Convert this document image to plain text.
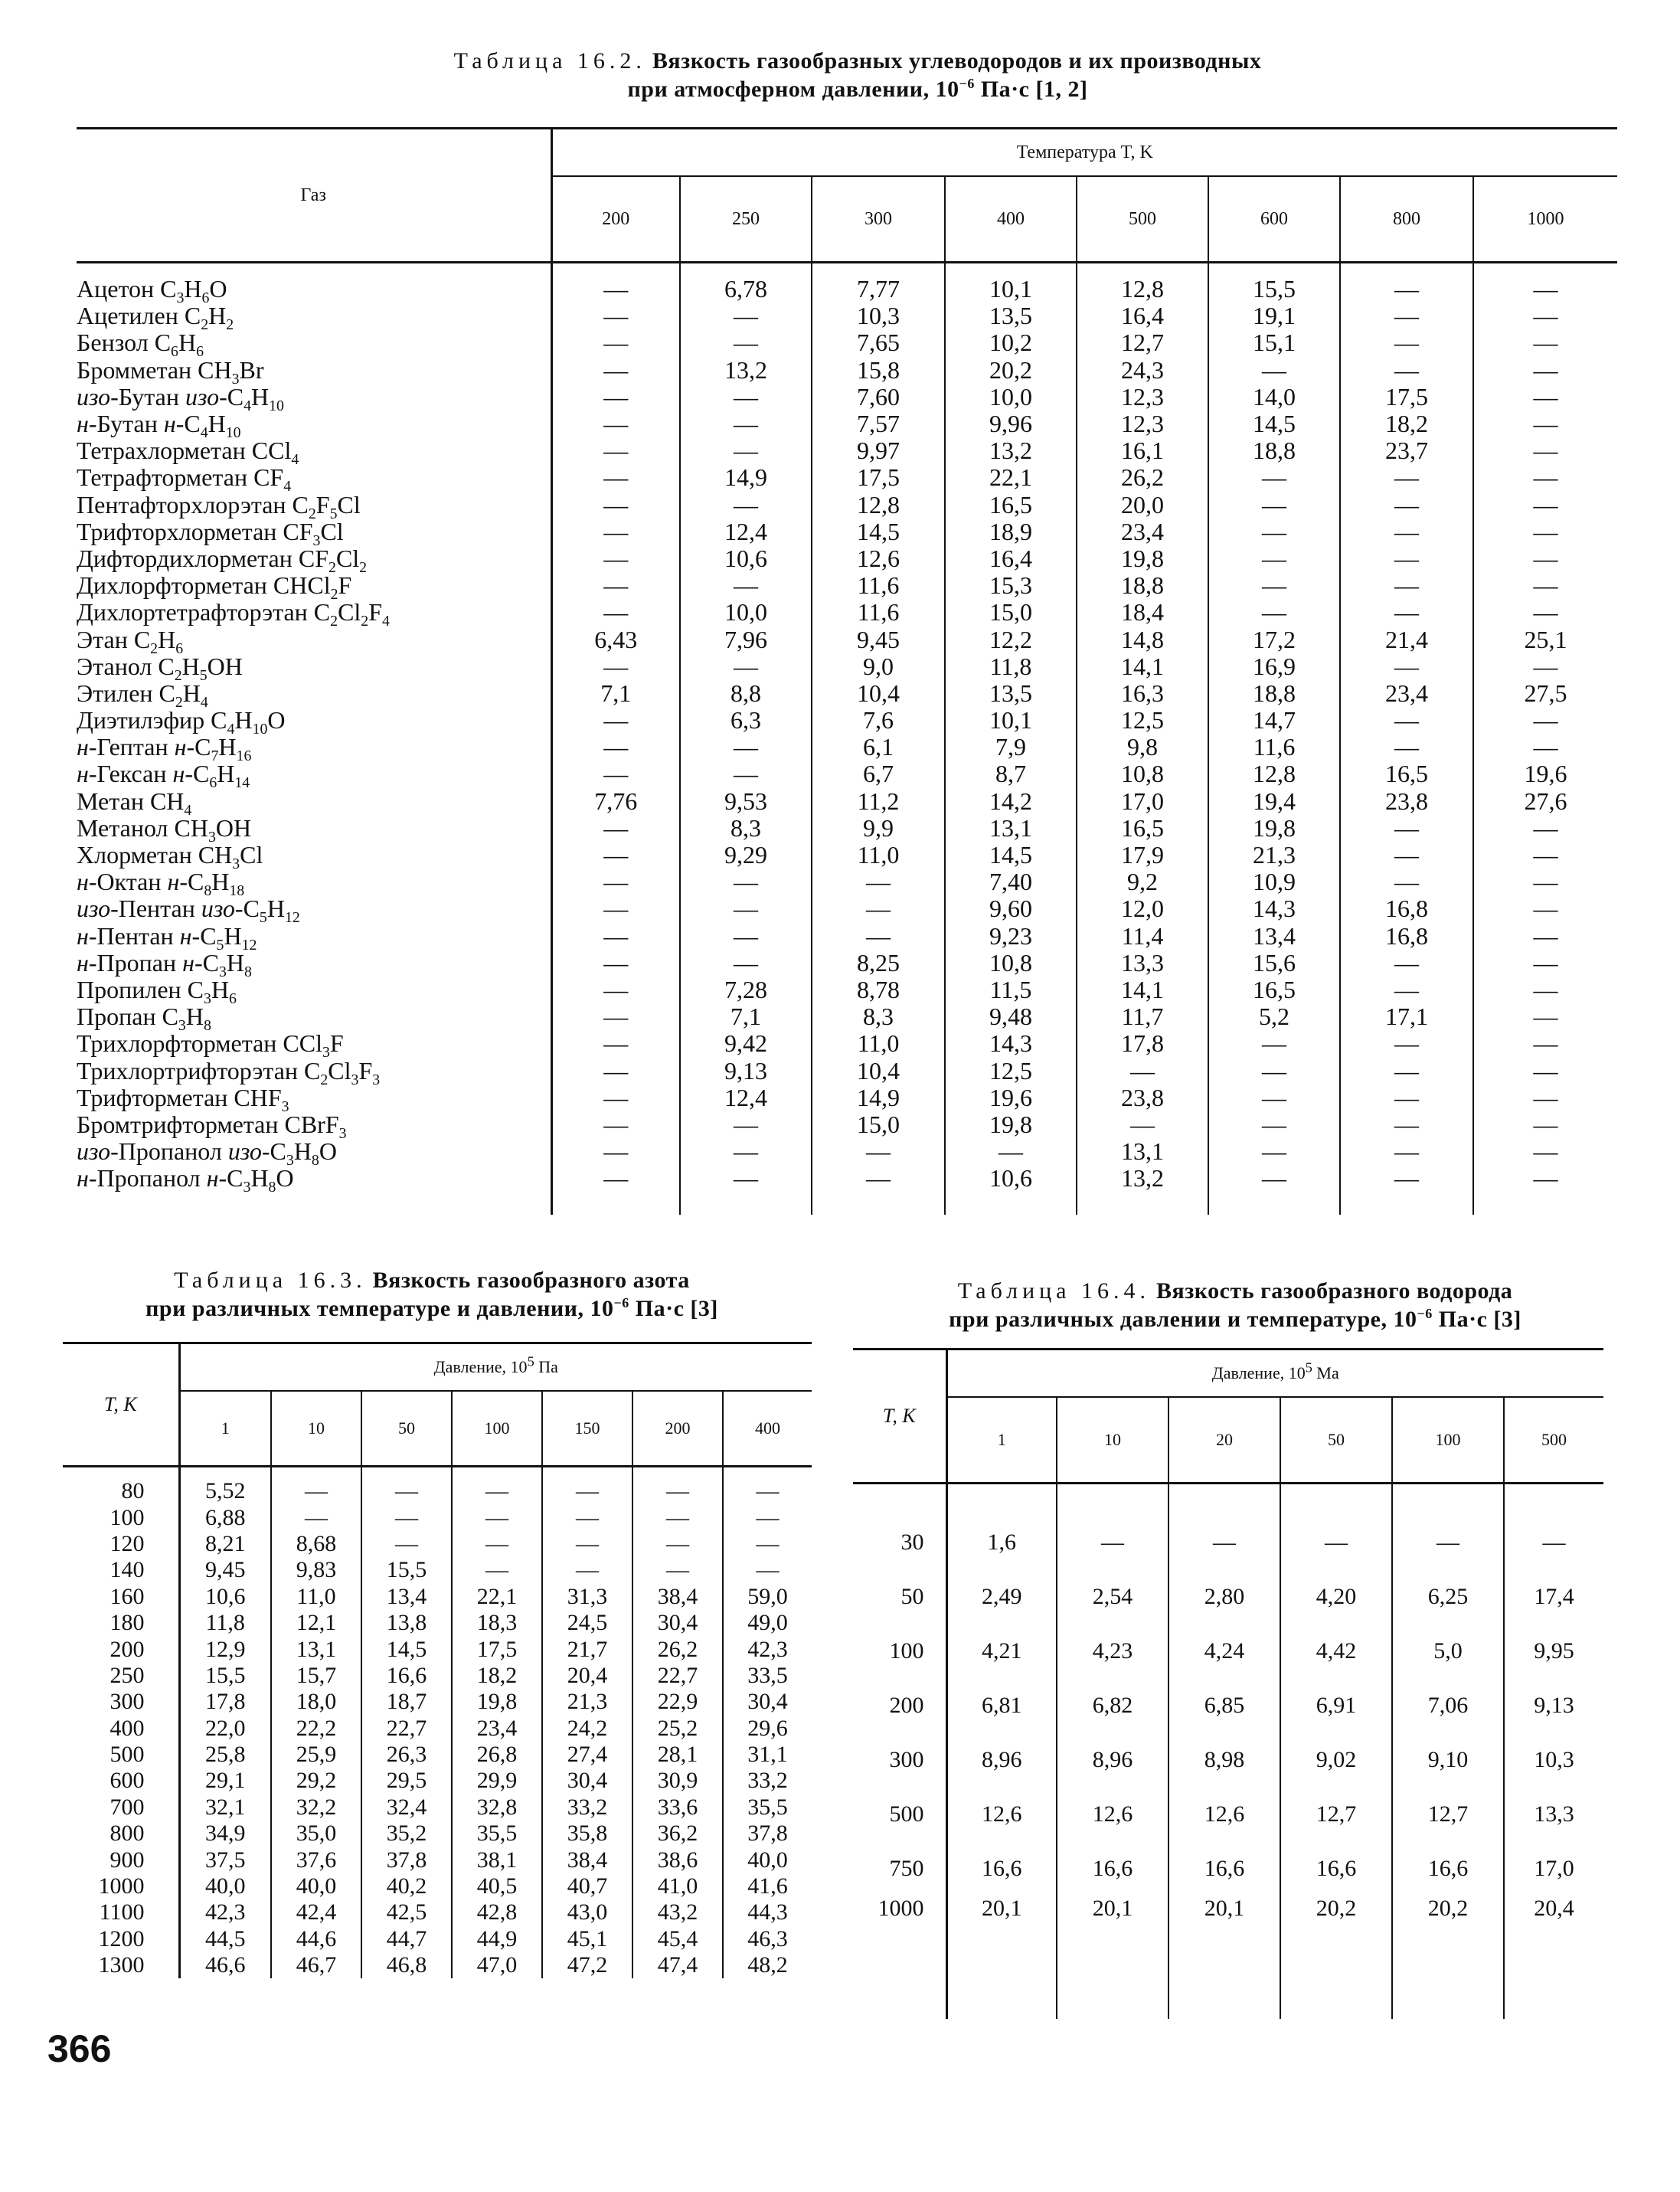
Таблица 16.2. Вязкость газообразных углеводородов и их производных
при атмосферном давлении, $10^{-6}$ Па·с [1, 2]
Газ	Температура T, K							
	200	250	300	400	500	600	800	1000
Ацетон $C_3H_6O$	—	6,78	7,77	10,1	12,8	15,5	—	—
Ацетилен $C_2H_2$	—	—	10,3	13,5	16,4	19,1	—	—
Бензол $C_6H_6$	—	—	7,65	10,2	12,7	15,1	—	—
Бромметан $CH_3Br$	—	13,2	15,8	20,2	24,3	—	—	—
изо-Бутан изо-$C_4H_{10}$	—	—	7,60	10,0	12,3	14,0	17,5	—
н-Бутан $н-C_4H_{10}$	—	—	7,57	9,96	12,3	14,5	18,2	—
Тетрахлорметан CCl$_4$	—	—	9,97	13,2	16,1	18,8	23,7	—
Тетрафторметан $CF_4$	—	14,9	17,5	22,1	26,2	—	—	—
Пентафторхлорэтан $C_2F_5Cl$	—	—	12,8	16,5	20,0	—	—	—
Трифторхлорметан $CF_3Cl$	—	12,4	14,5	18,9	23,4	—	—	—
Дифтордихлорметан $CF_2Cl_2$	—	10,6	12,6	16,4	19,8	—	—	—
Дихлорфторметан CHCl$_2$F	—	—	11,6	15,3	18,8	—	—	—
Дихлортетрафторэтан $C_2Cl_2F_4$	—	10,0	11,6	15,0	18,4	—	—	—
Этан $C_2H_6$	6,43	7,96	9,45	12,2	14,8	17,2	21,4	25,1
Этанол $C_2H_5OH$	—	—	9,0	11,8	14,1	16,9	—	—
Этилен $C_2H_4$	7,1	8,8	10,4	13,5	16,3	18,8	23,4	27,5
Диэтилэфир $C_4H_{10}O$	—	6,3	7,6	10,1	12,5	14,7	—	—
н-Гептан $н-C_7H_{16}$	—	—	6,1	7,9	9,8	11,6	—	—
н-Гексан $н-C_6H_{14}$	—	—	6,7	8,7	10,8	12,8	16,5	19,6
Метан $CH_4$	7,76	9,53	11,2	14,2	17,0	19,4	23,8	27,6
Метанол $CH_3OH$	—	8,3	9,9	13,1	16,5	19,8	—	—
Хлорметан $CH_3Cl$	—	9,29	11,0	14,5	17,9	21,3	—	—
н-Октан $н-C_8H_{18}$	—	—	—	7,40	9,2	10,9	—	—
изо-Пентан изо-$C_5H_{12}$	—	—	—	9,60	12,0	14,3	16,8	—
н-Пентан $н-C_5H_{12}$	—	—	—	9,23	11,4	13,4	16,8	—
н-Пропан $н-C_3H_8$	—	—	8,25	10,8	13,3	15,6	—	—
Пропилен $C_3H_6$	—	7,28	8,78	11,5	14,1	16,5	—	—
Пропан $C_3H_8$	—	7,1	8,3	9,48	11,7	5,2	17,1	—
Трихлорфторметан CCl$_3$F	—	9,42	11,0	14,3	17,8	—	—	—
Трихлортрифторэтан $C_2Cl_3F_3$	—	9,13	10,4	12,5	—	—	—	—
Трифторметан $CHF_3$	—	12,4	14,9	19,6	23,8	—	—	—
Бромтрифторметан CBrF$_3$	—	—	15,0	19,8	—	—	—	—
изо-Пропанол изо-$C_3H_8O$	—	—	—	—	13,1	—	—	—
н-Пропанол $н-C_3H_8O$	—	—	—	10,6	13,2	—	—	—
Таблица 16.3. Вязкость газообразного азота
при различных температуре и давлении, $10^{-6}$ Па·с [3]
T, K	Давление, $10^5$ Па						
	1	10	50	100	150	200	400
80	5,52	—	—	—	—	—	—
100	6,88	—	—	—	—	—	—
120	8,21	8,68	—	—	—	—	—
140	9,45	9,83	15,5	—	—	—	—
160	10,6	11,0	13,4	22,1	31,3	38,4	59,0
180	11,8	12,1	13,8	18,3	24,5	30,4	49,0
200	12,9	13,1	14,5	17,5	21,7	26,2	42,3
250	15,5	15,7	16,6	18,2	20,4	22,7	33,5
300	17,8	18,0	18,7	19,8	21,3	22,9	30,4
400	22,0	22,2	22,7	23,4	24,2	25,2	29,6
500	25,8	25,9	26,3	26,8	27,4	28,1	31,1
600	29,1	29,2	29,5	29,9	30,4	30,9	33,2
700	32,1	32,2	32,4	32,8	33,2	33,6	35,5
800	34,9	35,0	35,2	35,5	35,8	36,2	37,8
900	37,5	37,6	37,8	38,1	38,4	38,6	40,0
1000	40,0	40,0	40,2	40,5	40,7	41,0	41,6
1100	42,3	42,4	42,5	42,8	43,0	43,2	44,3
1200	44,5	44,6	44,7	44,9	45,1	45,4	46,3
1300	46,6	46,7	46,8	47,0	47,2	47,4	48,2
Таблица 16.4. Вязкость газообразного водорода
при различных давлении и температуре, $10^{-6}$ Па·с [3]
T, K	Давление, $10^5$ Ма					
	1	10	20	50	100	500
30	1,6	—	—	—	—	—
50	2,49	2,54	2,80	4,20	6,25	17,4
100	4,21	4,23	4,24	4,42	5,0	9,95
200	6,81	6,82	6,85	6,91	7,06	9,13
300	8,96	8,96	8,98	9,02	9,10	10,3
500	12,6	12,6	12,6	12,7	12,7	13,3
750	16,6	16,6	16,6	16,6	16,6	17,0
1000	20,1	20,1	20,1	20,2	20,2	20,4
366
